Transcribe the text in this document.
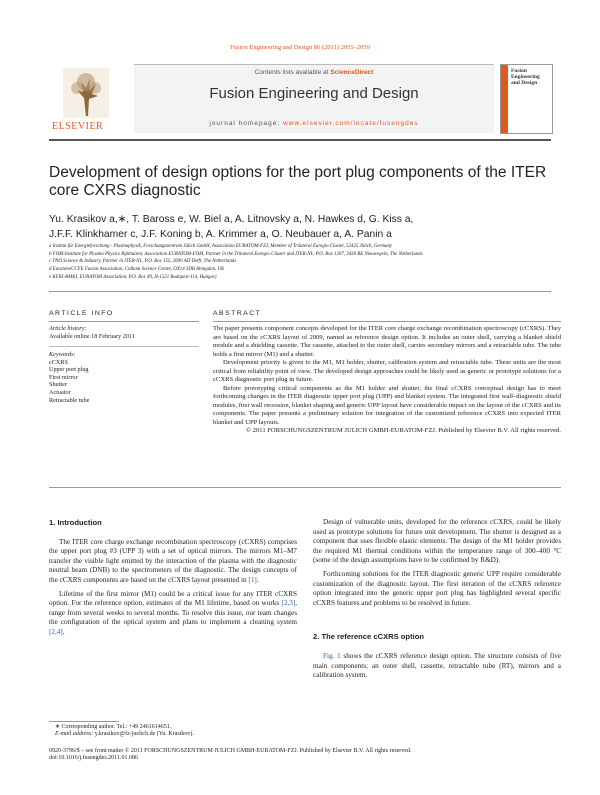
Fusion Engineering and Design 86 (2011) 2055–2059
ELSEVIER
Contents lists available at ScienceDirect
Fusion Engineering and Design
journal homepage: www.elsevier.com/locate/fusengdes
Fusion Engineering and Design
Development of design options for the port plug components of the ITER core CXRS diagnostic
Yu. Krasikov a,∗, T. Baross e, W. Biel a, A. Litnovsky a, N. Hawkes d, G. Kiss a,
J.F.F. Klinkhamer c, J.F. Koning b, A. Krimmer a, O. Neubauer a, A. Panin a
a Institut für Energieforschung - Plasmaphysik, Forschungszentrum Jülich GmbH, Association EURATOM-FZJ, Member of Trilateral Euregio Cluster, 52425 Jülich, Germany
b FOM-Institute for Plasma Physics Rijnhuizen, Association EURATOM-FOM, Partner in the Trilateral Euregio Cluster and ITER-NL, P.O. Box 1207, 3430 BE Nieuwegein, The Netherlands
c TNO Science & Industry, Partner in ITER-NL, P.O. Box 155, 2600 AD Delft, The Netherlands
d Euratom/CCFE Fusion Association, Culham Science Centre, OX14 3DB Abingdon, UK
e KFKI-RMKI, EURATOM Association, P.O. Box 49, H-1521 Budapest-114, Hungary
ARTICLE INFO
Article history:
Available online 18 February 2011
Keywords:
cCXRS
Upper port plug
First mirror
Shutter
Actuator
Retractable tube
ABSTRACT

The paper presents component concepts developed for the ITER core charge exchange recombination spectroscopy (cCXRS). They are based on the cCXRS layout of 2009, named as reference design option. It includes an outer shell, carrying a blanket shield module and a shielding cassette. The cassette, attached to the outer shell, carries secondary mirrors and a retractable tube. The tube holds a first mirror (M1) and a shutter.

Development priority is given to the M1, M1 holder, shutter, calibration system and retractable tube. These units are the most critical from reliability point of view. The developed design approaches could be likely used as generic or prototype solutions for a cCXRS diagnostic port plug in future.

Before prototyping critical components as the M1 holder and shutter, the final cCXRS conceptual design has to meet forthcoming changes in the ITER diagnostic upper port plug (UPP) and blanket system. The integrated first wall–diagnostic shield modules, first wall recession, blanket shaping and generic UPP layout have considerable impact on the layout of the cCXRS and its components. The paper presents a preliminary solution for integration of the customized reference cCXRS into expected ITER blanket and UPP layouts.

© 2011 FORSCHUNGSZENTRUM JULICH GMBH-EURATOM-FZJ. Published by Elsevier B.V. All rights reserved.

1. Introduction

The ITER core charge exchange recombination spectroscopy (cCXRS) comprises the upper port plug #3 (UPP 3) with a set of optical mirrors. The mirrors M1–M7 transfer the visible light emitted by the interaction of the plasma with the diagnostic neutral beam (DNB) to the spectrometers of the diagnostic. The design concepts of the cCXRS components are based on the cCXRS layout presented in [1].

Lifetime of the first mirror (M1) could be a critical issue for any ITER cCXRS option. For the reference option, estimates of the M1 lifetime, based on works [2,3], range from several weeks to several months. To resolve this issue, our team changes the configuration of the optical system and plans to implement a cleaning system [2,4].

Design of vulnerable units, developed for the reference cCXRS, could be likely used as prototype solutions for future unit development. The shutter is designed as a component that uses flexible elastic elements. The design of the M1 holder provides the required M1 thermal conditions within the temperature range of 300–400 °C (some of the design assumptions have to be confirmed by R&D).

Forthcoming solutions for the ITER diagnostic generic UPP require considerable customization of the diagnostic layout. The first iteration of the cCXRS reference option integrated into the generic upper port plug has highlighted several specific cCXRS features and problems to be resolved in future.

2. The reference cCXRS option

Fig. 1 shows the cCXRS reference design option. The structure consists of five main components; an outer shell, cassette, retractable tube (RT), mirrors and a calibration system.

∗ Corresponding author. Tel.: +49 2461614651.
E-mail address: y.krasikov@fz-juelich.de (Yu. Krasikov).
0920-3796/$ – see front matter © 2011 FORSCHUNGSZENTRUM JULICH GMBH-EURATOM-FZJ. Published by Elsevier B.V. All rights reserved.
doi:10.1016/j.fusengdes.2011.01.086
